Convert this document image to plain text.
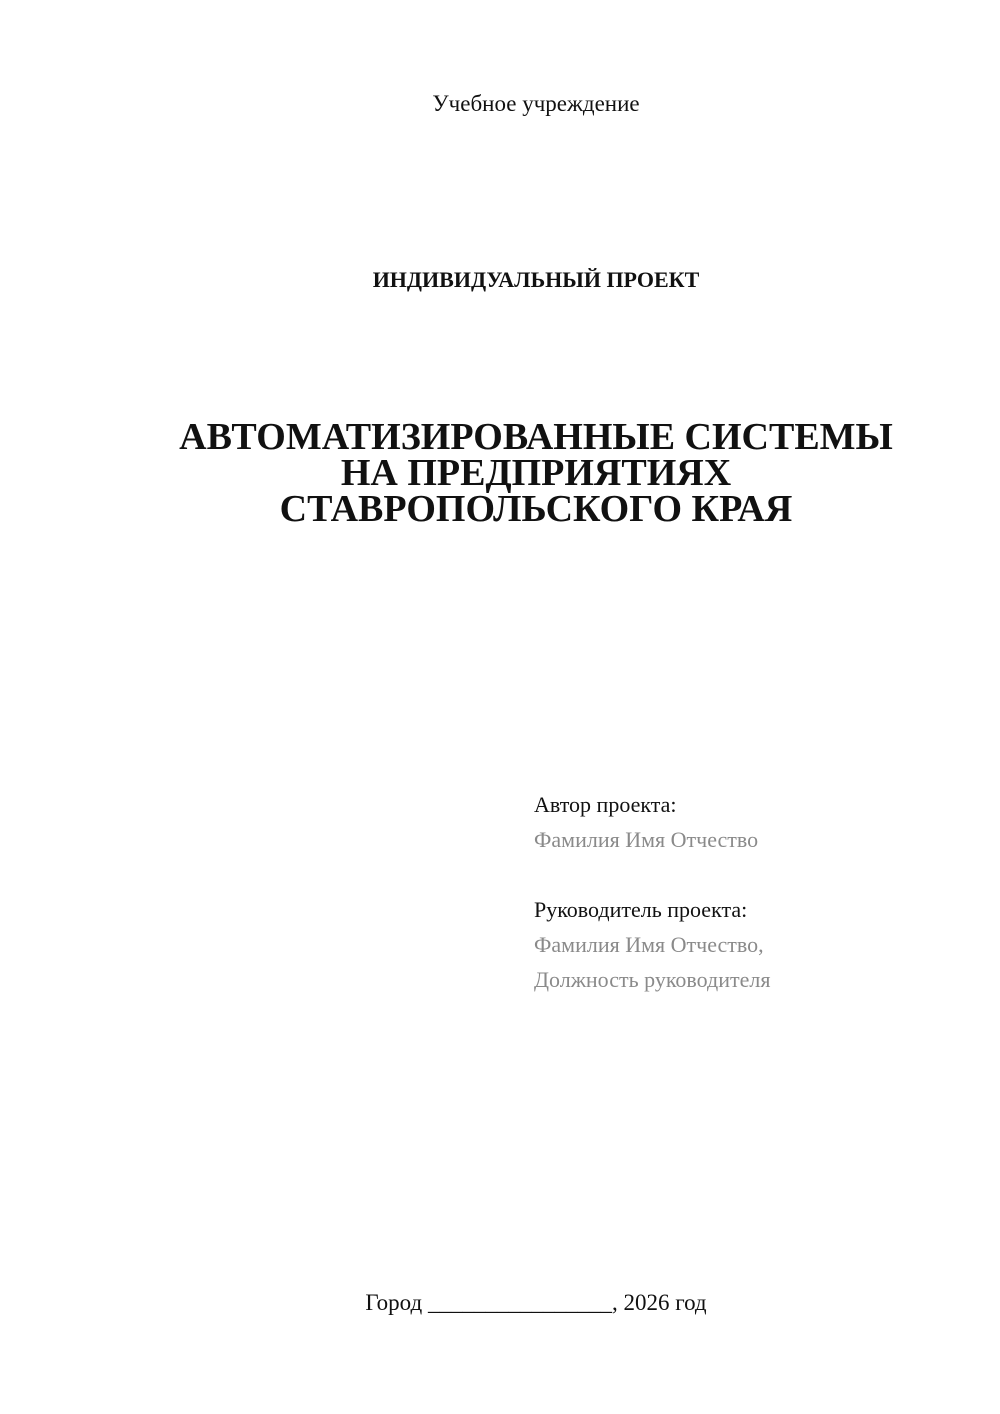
Учебное учреждение
ИНДИВИДУАЛЬНЫЙ ПРОЕКТ
АВТОМАТИЗИРОВАННЫЕ СИСТЕМЫ
НА ПРЕДПРИЯТИЯХ
СТАВРОПОЛЬСКОГО КРАЯ
Автор проекта:
Фамилия Имя Отчество
Руководитель проекта:
Фамилия Имя Отчество,
Должность руководителя
Город ________________, 2026 год
